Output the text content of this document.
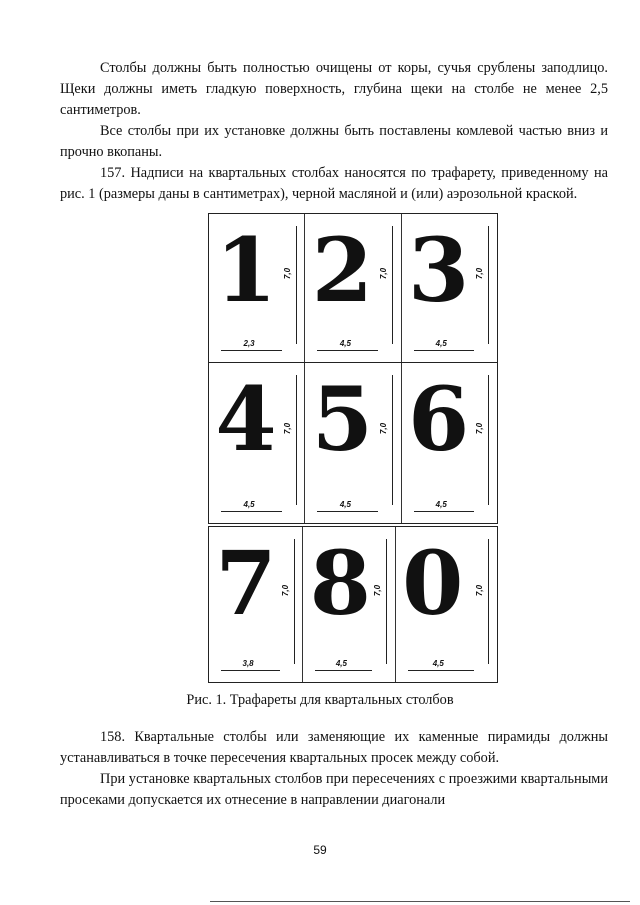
Столбы должны быть полностью очищены от коры, сучья срублены заподлицо. Щеки должны иметь гладкую поверхность, глубина щеки на столбе не менее 2,5 сантиметров.

Все столбы при их установке должны быть поставлены комлевой частью вниз и прочно вкопаны.

157. Надписи на квартальных столбах наносятся по трафарету, приведенному на рис. 1 (размеры даны в сантиметрах), черной масляной и (или) аэрозольной краской.

1
2,3
7,0 2
4,5
7,0 3
4,5
7,0
4
4,5
7,0 5
4,5
7,0 6
4,5
7,0
7
3,8
7,0 8
4,5
7,0 0
4,5
7,0
Рис. 1. Трафареты для квартальных столбов

158. Квартальные столбы или заменяющие их каменные пирамиды должны устанавливаться в точке пересечения квартальных просек между собой.

При установке квартальных столбов при пересечениях с проезжими квартальными просеками допускается их отнесение в направлении диагонали

59
